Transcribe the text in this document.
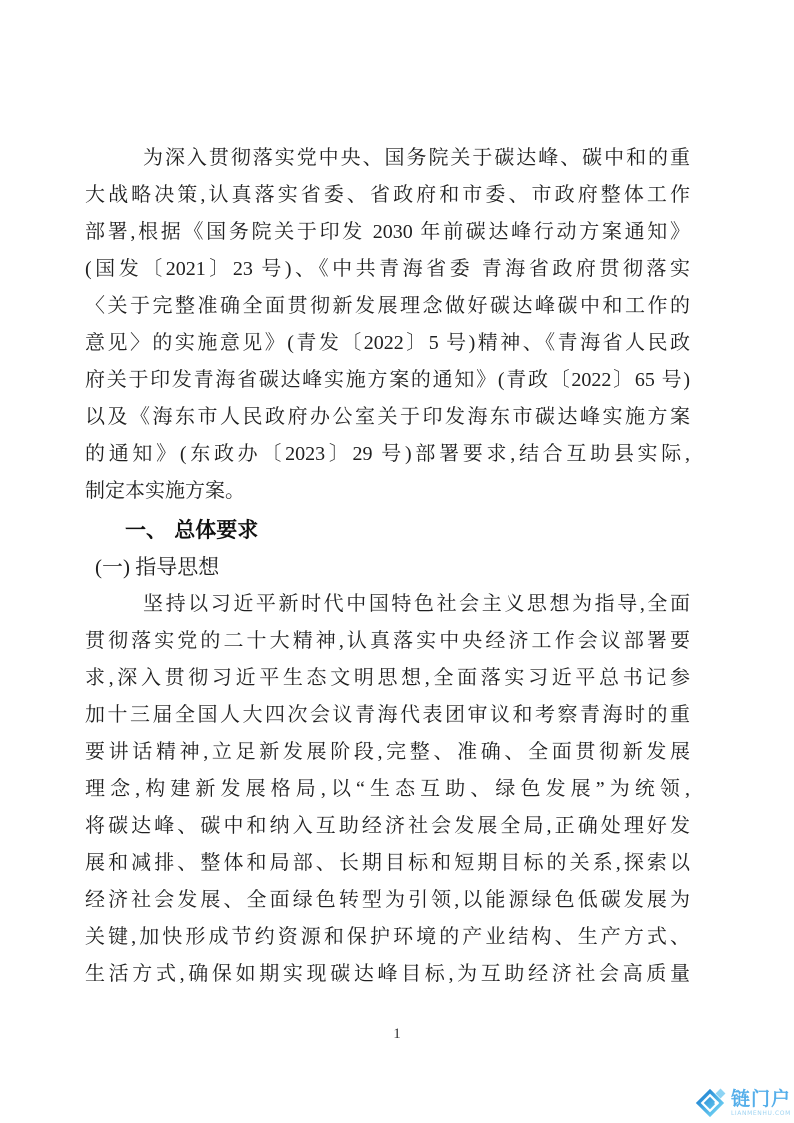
为深入贯彻落实党中央、国务院关于碳达峰、碳中和的重
大战略决策,认真落实省委、省政府和市委、市政府整体工作
部署,根据《国务院关于印发 2030 年前碳达峰行动方案通知》
(国发〔2021〕23 号)、《中共青海省委 青海省政府贯彻落实
〈关于完整准确全面贯彻新发展理念做好碳达峰碳中和工作的
意见〉的实施意见》(青发〔2022〕5 号)精神、《青海省人民政
府关于印发青海省碳达峰实施方案的通知》(青政〔2022〕65 号)
以及《海东市人民政府办公室关于印发海东市碳达峰实施方案
的通知》(东政办〔2023〕29 号)部署要求,结合互助县实际,
制定本实施方案。
一、 总体要求
(一) 指导思想
坚持以习近平新时代中国特色社会主义思想为指导,全面
贯彻落实党的二十大精神,认真落实中央经济工作会议部署要
求,深入贯彻习近平生态文明思想,全面落实习近平总书记参
加十三届全国人大四次会议青海代表团审议和考察青海时的重
要讲话精神,立足新发展阶段,完整、准确、全面贯彻新发展
理念,构建新发展格局,以“生态互助、绿色发展”为统领,
将碳达峰、碳中和纳入互助经济社会发展全局,正确处理好发
展和减排、整体和局部、长期目标和短期目标的关系,探索以
经济社会发展、全面绿色转型为引领,以能源绿色低碳发展为
关键,加快形成节约资源和保护环境的产业结构、生产方式、
生活方式,确保如期实现碳达峰目标,为互助经济社会高质量
1
链门户
LIANMENHU.COM
